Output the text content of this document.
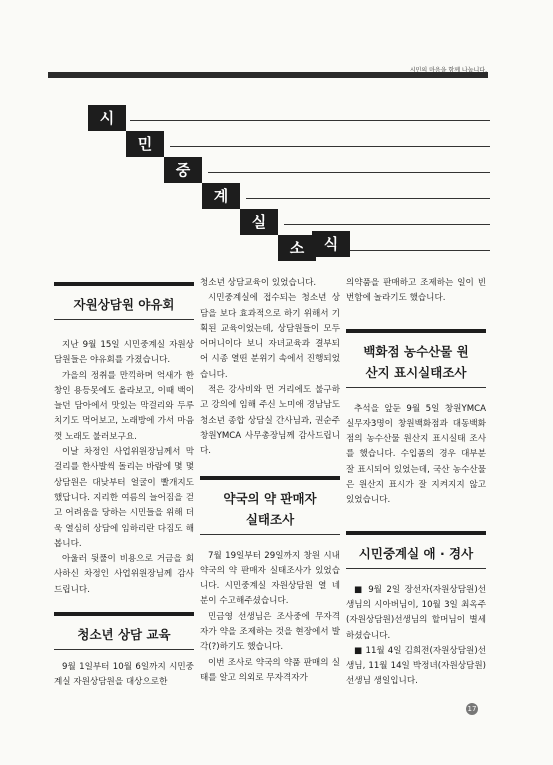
시민의 마음을 함께 나눕니다.
시
민
중
계
실
소	식
자원상담원 야유회

지난 9월 15일 시민중계실 자원상담원들은 야유회를 가졌습니다.

가을의 정취를 만끽하며 억새가 한창인 용등못에도 올라보고, 이때 백이 늘던 담아에서 맛있는 막걸리와 두루치기도 먹어보고, 노래방에 가서 마음껏 노래도 불러보구요.

이날 차정인 사업위원장님께서 막걸리를 한사발씩 돌리는 바람에 몇 몇 상담원은 대낮부터 얼굴이 빨개지도 했답니다. 지리한 여름의 늘어짐을 걷고 어려움을 당하는 시민들을 위해 더욱 열심히 상담에 임하리란 다짐도 해 봅니다.

아울러 뒷풀이 비용으로 거금을 회사하신 차정인 사업위원장님께 감사드립니다.

청소년 상담 교육

9월 1일부터 10월 6일까지 시민중계실 자원상담원을 대상으로한

청소년 상담교육이 있었습니다.

시민중계실에 접수되는 청소년 상담을 보다 효과적으로 하기 위해서 기획된 교육이었는데, 상담원들이 모두 어머니이다 보니 자녀교육과 결부되어 시종 열띤 분위기 속에서 진행되었습니다.

적은 강사비와 먼 거리에도 불구하고 강의에 임해 주신 노미애 경남남도 청소년 종합 상담실 간사님과, 권순주 창원YMCA 사무총장님께 감사드립니다.

약국의 약 판매자 실태조사

7월 19일부터 29일까지 창원 시내 약국의 약 판매자 실태조사가 있었습니다. 시민중계실 자원상담원 열 네 분이 수고해주셨습니다.

민금영 선생님은 조사중에 무자격자가 약을 조제하는 것을 현장에서 발각(?)하기도 했습니다.

이번 조사로 약국의 약품 판매의 실태를 알고 의외로 무자격자가

의약품을 판매하고 조제하는 일이 빈번함에 놀라기도 했습니다.

백화점 농수산물 원산지 표시실태조사

추석을 앞둔 9월 5일 창원YMCA 실무자3명이 창원백화점과 대동백화점의 농수산물 원산지 표시실태 조사를 했습니다. 수입품의 경우 대부분 잘 표시되어 있었는데, 국산 농수산물은 원산지 표시가 잘 지켜지지 않고 있었습니다.

시민중계실 애 · 경사

■ 9월 2일 장선자(자원상담원)선생님의 시아버님이, 10월 3일 최옥주(자원상담원)선생님의 할머님이 별세하셨습니다.

■ 11월 4일 김희전(자원상담원)선생님, 11월 14일 박정녀(자원상담원)선생님 생일입니다.

17
